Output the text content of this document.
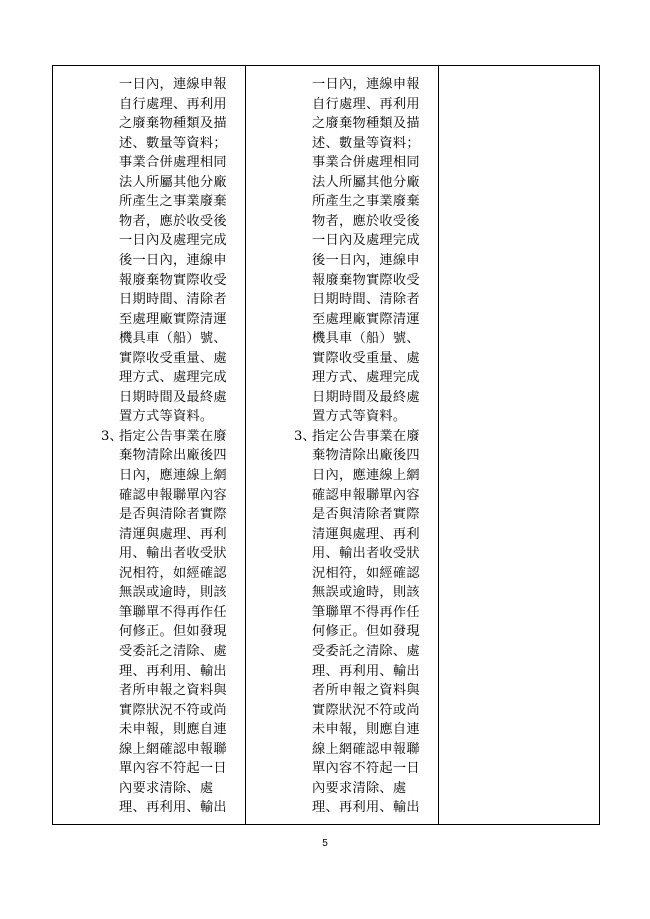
一日內，連線申報
自行處理、再利用
之廢棄物種類及描
述、數量等資料；
事業合併處理相同
法人所屬其他分廠
所產生之事業廢棄
物者，應於收受後
一日內及處理完成
後一日內，連線申
報廢棄物實際收受
日期時間、清除者
至處理廠實際清運
機具車（船）號、
實際收受重量、處
理方式、處理完成
日期時間及最終處
置方式等資料。
指定公告事業在廢
棄物清除出廠後四
日內，應連線上網
確認申報聯單內容
是否與清除者實際
清運與處理、再利
用、輸出者收受狀
況相符，如經確認
無誤或逾時，則該
筆聯單不得再作任
何修正。但如發現
受委託之清除、處
理、再利用、輸出
者所申報之資料與
實際狀況不符或尚
未申報，則應自連
線上網確認申報聯
單內容不符起一日
內要求清除、處
理、再利用、輸出
3、
一日內，連線申報
自行處理、再利用
之廢棄物種類及描
述、數量等資料；
事業合併處理相同
法人所屬其他分廠
所產生之事業廢棄
物者，應於收受後
一日內及處理完成
後一日內，連線申
報廢棄物實際收受
日期時間、清除者
至處理廠實際清運
機具車（船）號、
實際收受重量、處
理方式、處理完成
日期時間及最終處
置方式等資料。
指定公告事業在廢
棄物清除出廠後四
日內，應連線上網
確認申報聯單內容
是否與清除者實際
清運與處理、再利
用、輸出者收受狀
況相符，如經確認
無誤或逾時，則該
筆聯單不得再作任
何修正。但如發現
受委託之清除、處
理、再利用、輸出
者所申報之資料與
實際狀況不符或尚
未申報，則應自連
線上網確認申報聯
單內容不符起一日
內要求清除、處
理、再利用、輸出
3、
5
